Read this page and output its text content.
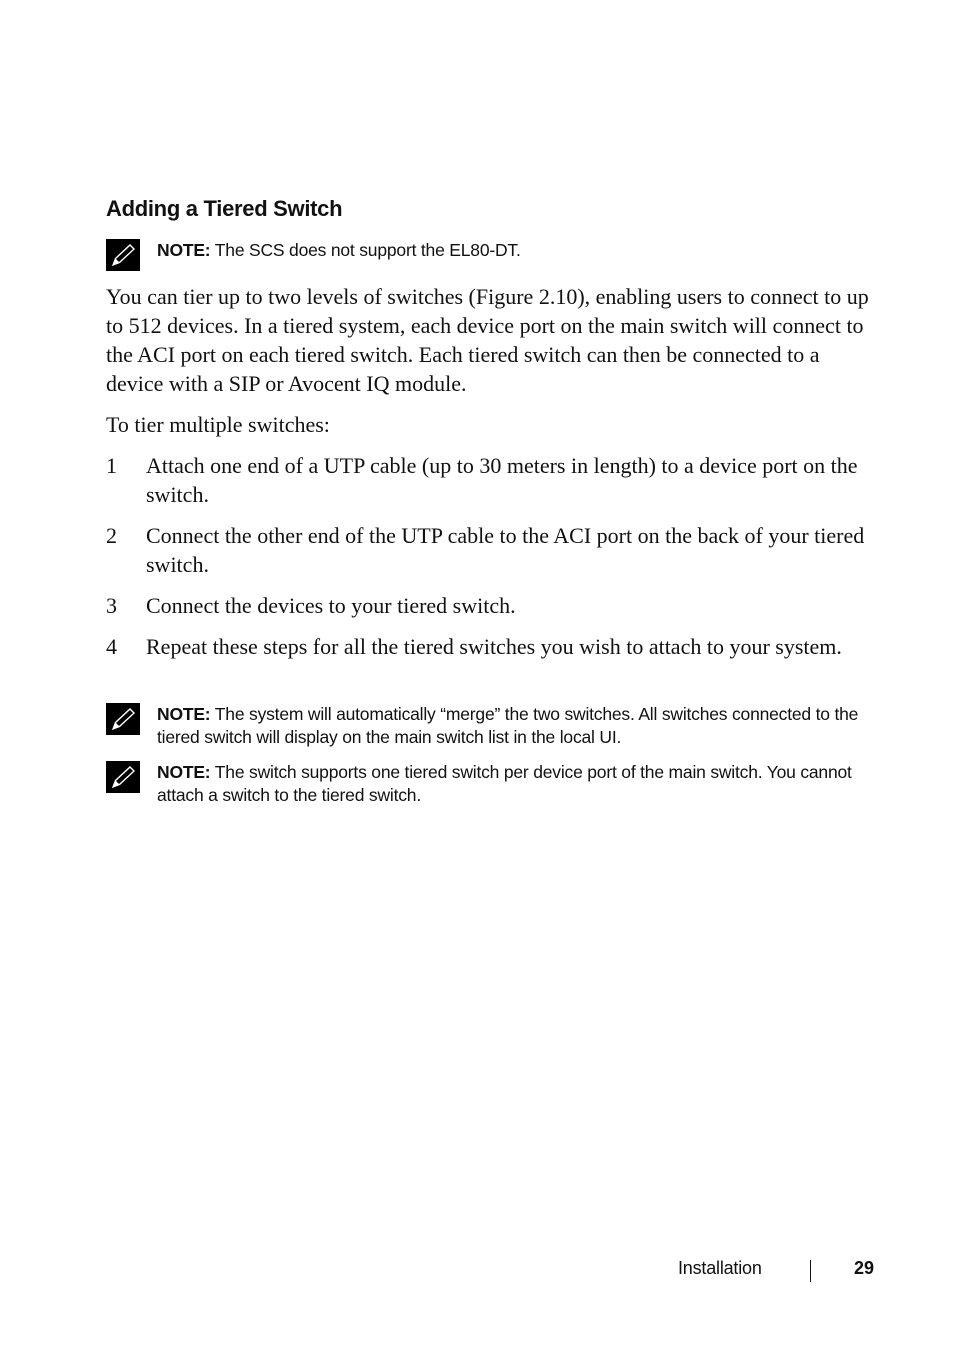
Adding a Tiered Switch
NOTE: The SCS does not support the EL80-DT.

You can tier up to two levels of switches (Figure 2.10), enabling users to connect to up to 512 devices. In a tiered system, each device port on the main switch will connect to the ACI port on each tiered switch. Each tiered switch can then be connected to a device with a SIP or Avocent IQ module.

To tier multiple switches:

1 Attach one end of a UTP cable (up to 30 meters in length) to a device port on the switch.
2 Connect the other end of the UTP cable to the ACI port on the back of your tiered switch.
3 Connect the devices to your tiered switch.
4 Repeat these steps for all the tiered switches you wish to attach to your system.
NOTE: The system will automatically “merge” the two switches. All switches connected to the tiered switch will display on the main switch list in the local UI.
NOTE: The switch supports one tiered switch per device port of the main switch. You cannot attach a switch to the tiered switch.
Installation	29
